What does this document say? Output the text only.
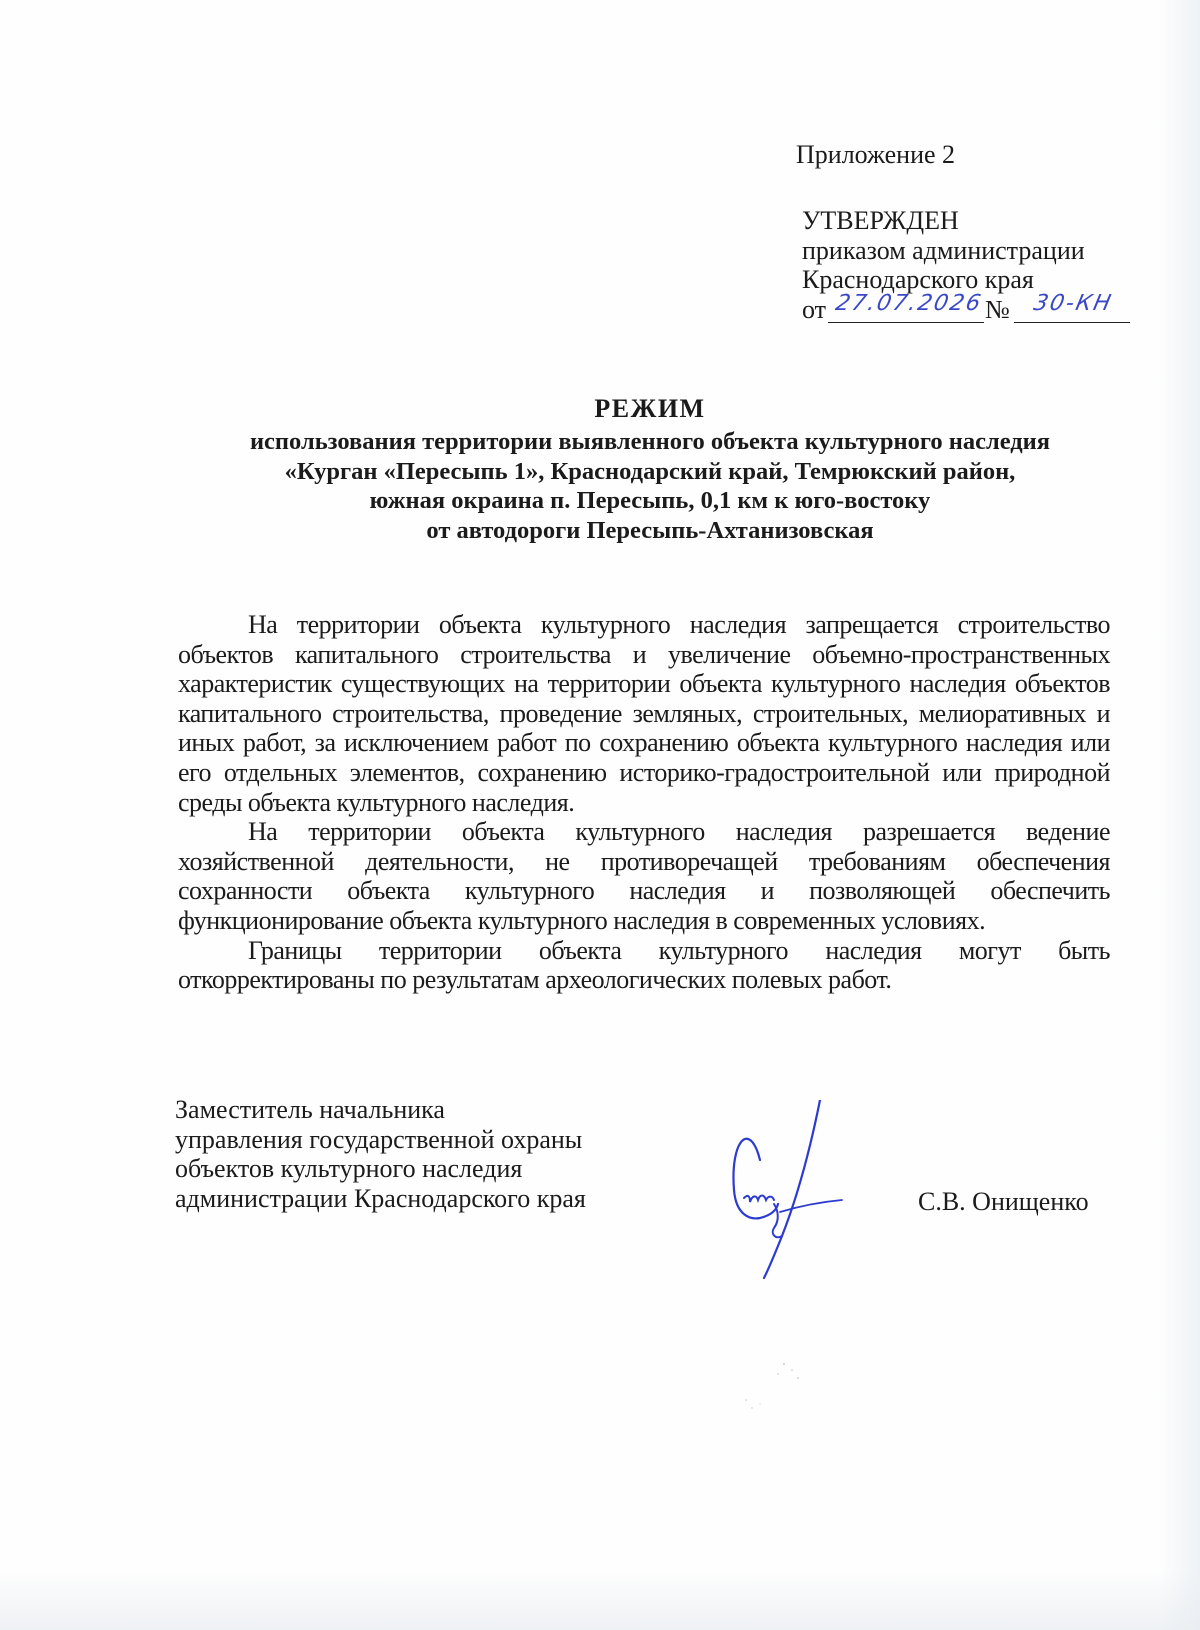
Приложение 2
УТВЕРЖДЕН
приказом администрации
Краснодарского края
от 27.07.2026 № 30-КН
РЕЖИМ
использования территории выявленного объекта культурного наследия
«Курган «Пересыпь 1», Краснодарский край, Темрюкский район,
южная окраина п. Пересыпь, 0,1 км к юго-востоку
от автодороги Пересыпь-Ахтанизовская

На территории объекта культурного наследия запрещается строительство объектов капитального строительства и увеличение объемно-пространственных характеристик существующих на территории объекта культурного наследия объектов капитального строительства, проведение земляных, строительных, мелиоративных и иных работ, за исключением работ по сохранению объекта культурного наследия или его отдельных элементов, сохранению историко-градостроительной или природной среды объекта культурного наследия.

На территории объекта культурного наследия разрешается ведение хозяйственной деятельности, не противоречащей требованиям обеспечения сохранности объекта культурного наследия и позволяющей обеспечить функционирование объекта культурного наследия в современных условиях.

Границы территории объекта культурного наследия могут быть откорректированы по результатам археологических полевых работ.

Заместитель начальника
управления государственной охраны
объектов культурного наследия
администрации Краснодарского края	С.В. Онищенко
